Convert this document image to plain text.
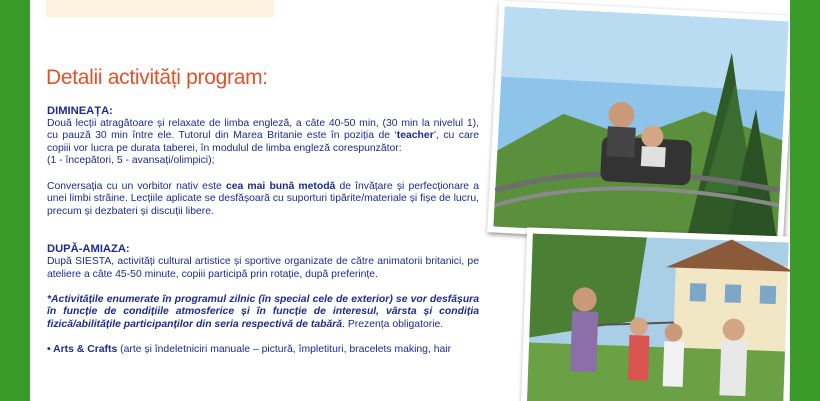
Detalii activități program:
DIMINEAȚA:

Două lecții atragătoare și relaxate de limba engleză, a câte 40-50 min, (30 min la nivelul 1), cu pauză 30 min între ele. Tutorul din Marea Britanie este în poziția de ‘teacher’, cu care copiii vor lucra pe durata taberei, în modulul de limba engleză corespunzător:

(1 - începători, 5 - avansați/olimpici);

Conversația cu un vorbitor nativ este cea mai bună metodă de învățare și perfecționare a unei limbi străine. Lecțiile aplicate se desfășoară cu suporturi tipărite/materiale și fișe de lucru, precum și dezbateri și discuții libere.

DUPĂ-AMIAZA:

După SIESTA, activități cultural artistice și sportive organizate de către animatorii britanici, pe ateliere a câte 45-50 minute, copiii participă prin rotație, după preferințe.

*Activitățile enumerate în programul zilnic (în special cele de exterior) se vor desfășura în funcție de condițiile atmosferice și în funcție de interesul, vârsta și condiția fizică/abilitățile participanților din seria respectivă de tabără. Prezența obligatorie.

• Arts & Crafts (arte și îndeletniciri manuale – pictură, împletituri, bracelets making, hair
